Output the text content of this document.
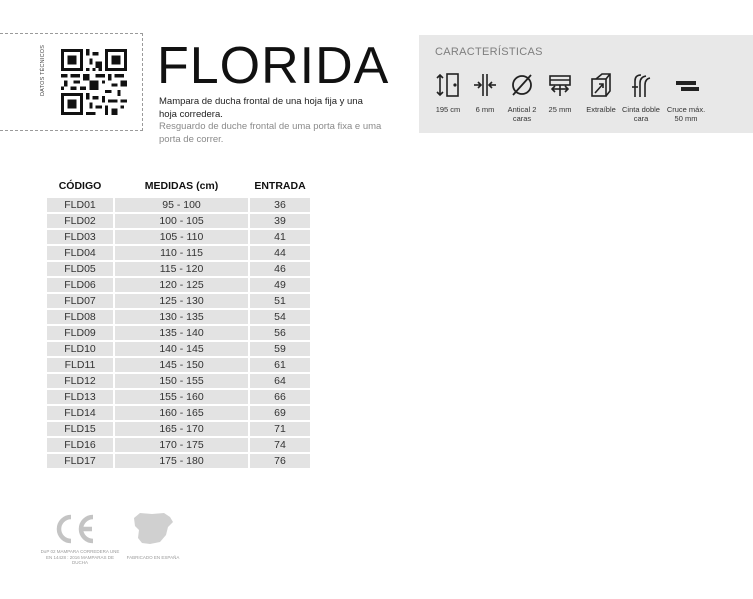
DATOS TÉCNICOS FLORIDA
Mampara de ducha frontal de una hoja fija y una hoja corredera.
Resguardo de duche frontal de uma porta fixa e uma porta de correr.
CARACTERÍSTICAS
195 cm	6 mm	Antical 2 caras
25 mm	Extraíble Cinta doble cara
Cruce máx. 50 mm
CÓDIGO	MEDIDAS (cm)	ENTRADA
FLD01	95 - 100	36
FLD02	100 - 105	39
FLD03	105 - 110	41
FLD04	110 - 115	44
FLD05	115 - 120	46
FLD06	120 - 125	49
FLD07	125 - 130	51
FLD08	130 - 135	54
FLD09	135 - 140	56
FLD10	140 - 145	59
FLD11	145 - 150	61
FLD12	150 - 155	64
FLD13	155 - 160	66
FLD14	160 - 165	69
FLD15	165 - 170	71
FLD16	170 - 175	74
FLD17	175 - 180	76
DoP 02 MAMPARA CORREDERA UNE EN 14428 : 2016 MAMPARAS DE DUCHA
FABRICADO EN ESPAÑA
